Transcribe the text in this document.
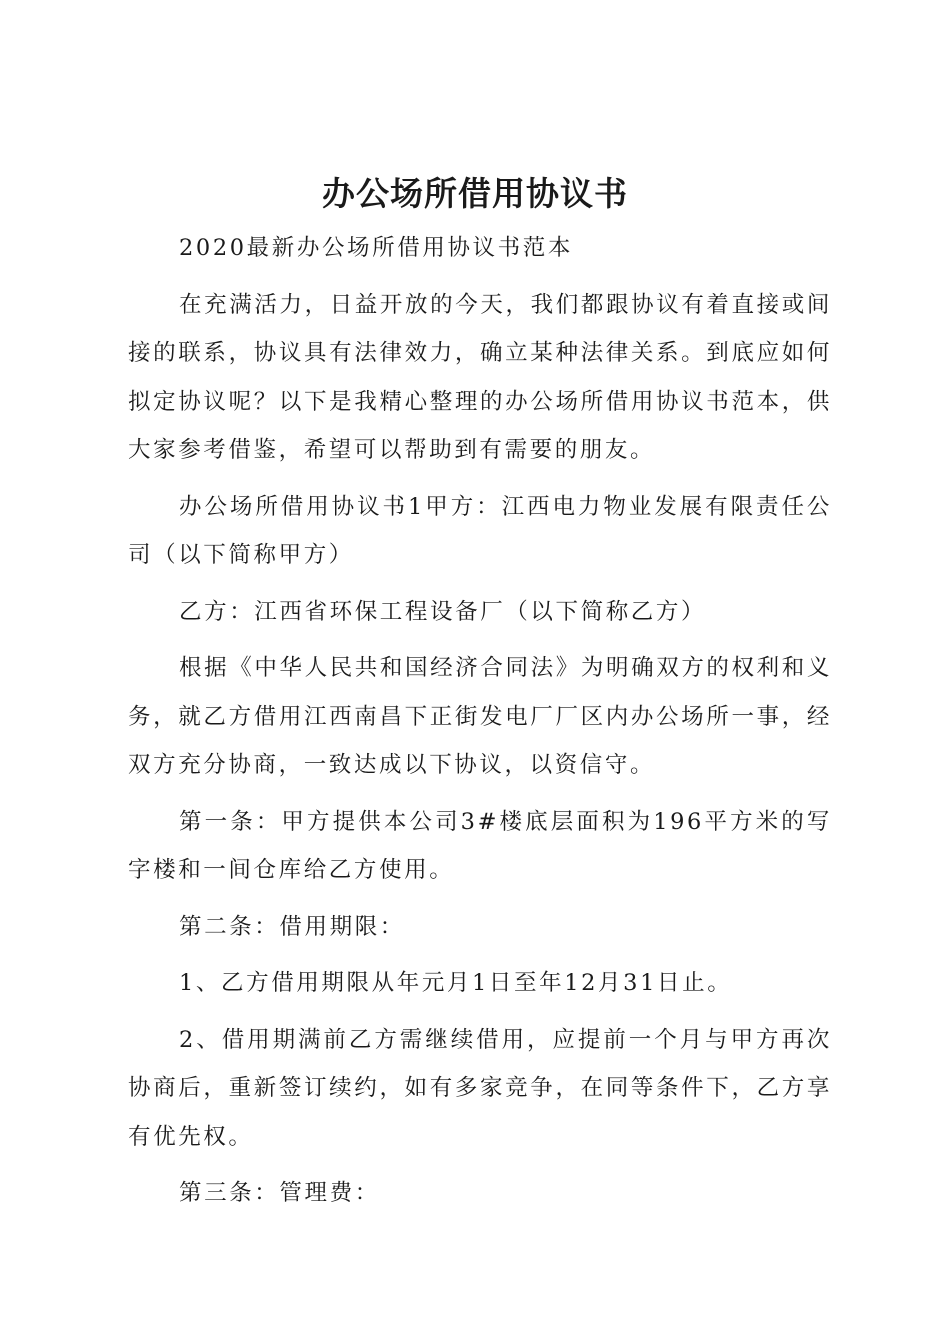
办公场所借用协议书

2020最新办公场所借用协议书范本

在充满活力，日益开放的今天，我们都跟协议有着直接或间接的联系，协议具有法律效力，确立某种法律关系。到底应如何拟定协议呢？以下是我精心整理的办公场所借用协议书范本，供大家参考借鉴，希望可以帮助到有需要的朋友。

办公场所借用协议书1甲方：江西电力物业发展有限责任公司（以下简称甲方）

乙方：江西省环保工程设备厂（以下简称乙方）

根据《中华人民共和国经济合同法》为明确双方的权利和义务，就乙方借用江西南昌下正街发电厂厂区内办公场所一事，经双方充分协商，一致达成以下协议，以资信守。

第一条：甲方提供本公司3#楼底层面积为196平方米的写字楼和一间仓库给乙方使用。

第二条：借用期限：

1、乙方借用期限从年元月1日至年12月31日止。

2、借用期满前乙方需继续借用，应提前一个月与甲方再次协商后，重新签订续约，如有多家竞争，在同等条件下，乙方享有优先权。

第三条：管理费：
